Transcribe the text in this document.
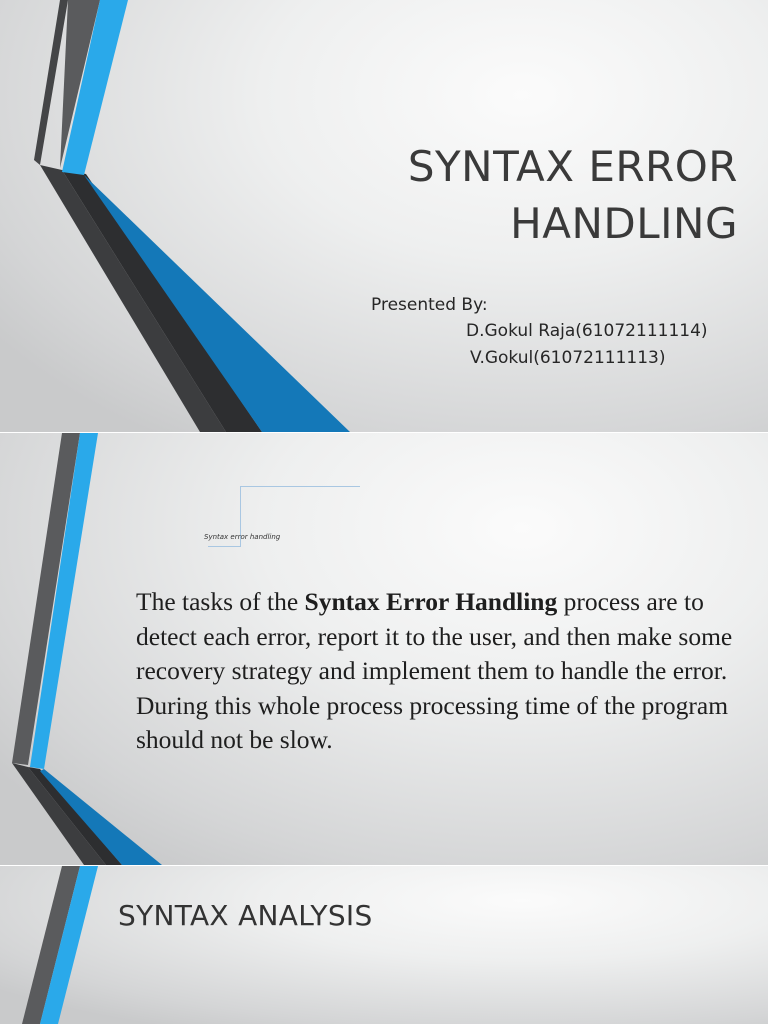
SYNTAX ERROR
HANDLING
Presented By:
D.Gokul Raja(61072111114)
V.Gokul(61072111113)
Syntax error handling
The tasks of the Syntax Error Handling process are to detect each error, report it to the user, and then make some recovery strategy and implement them to handle the error. During this whole process processing time of the program should not be slow.
SYNTAX ANALYSIS
